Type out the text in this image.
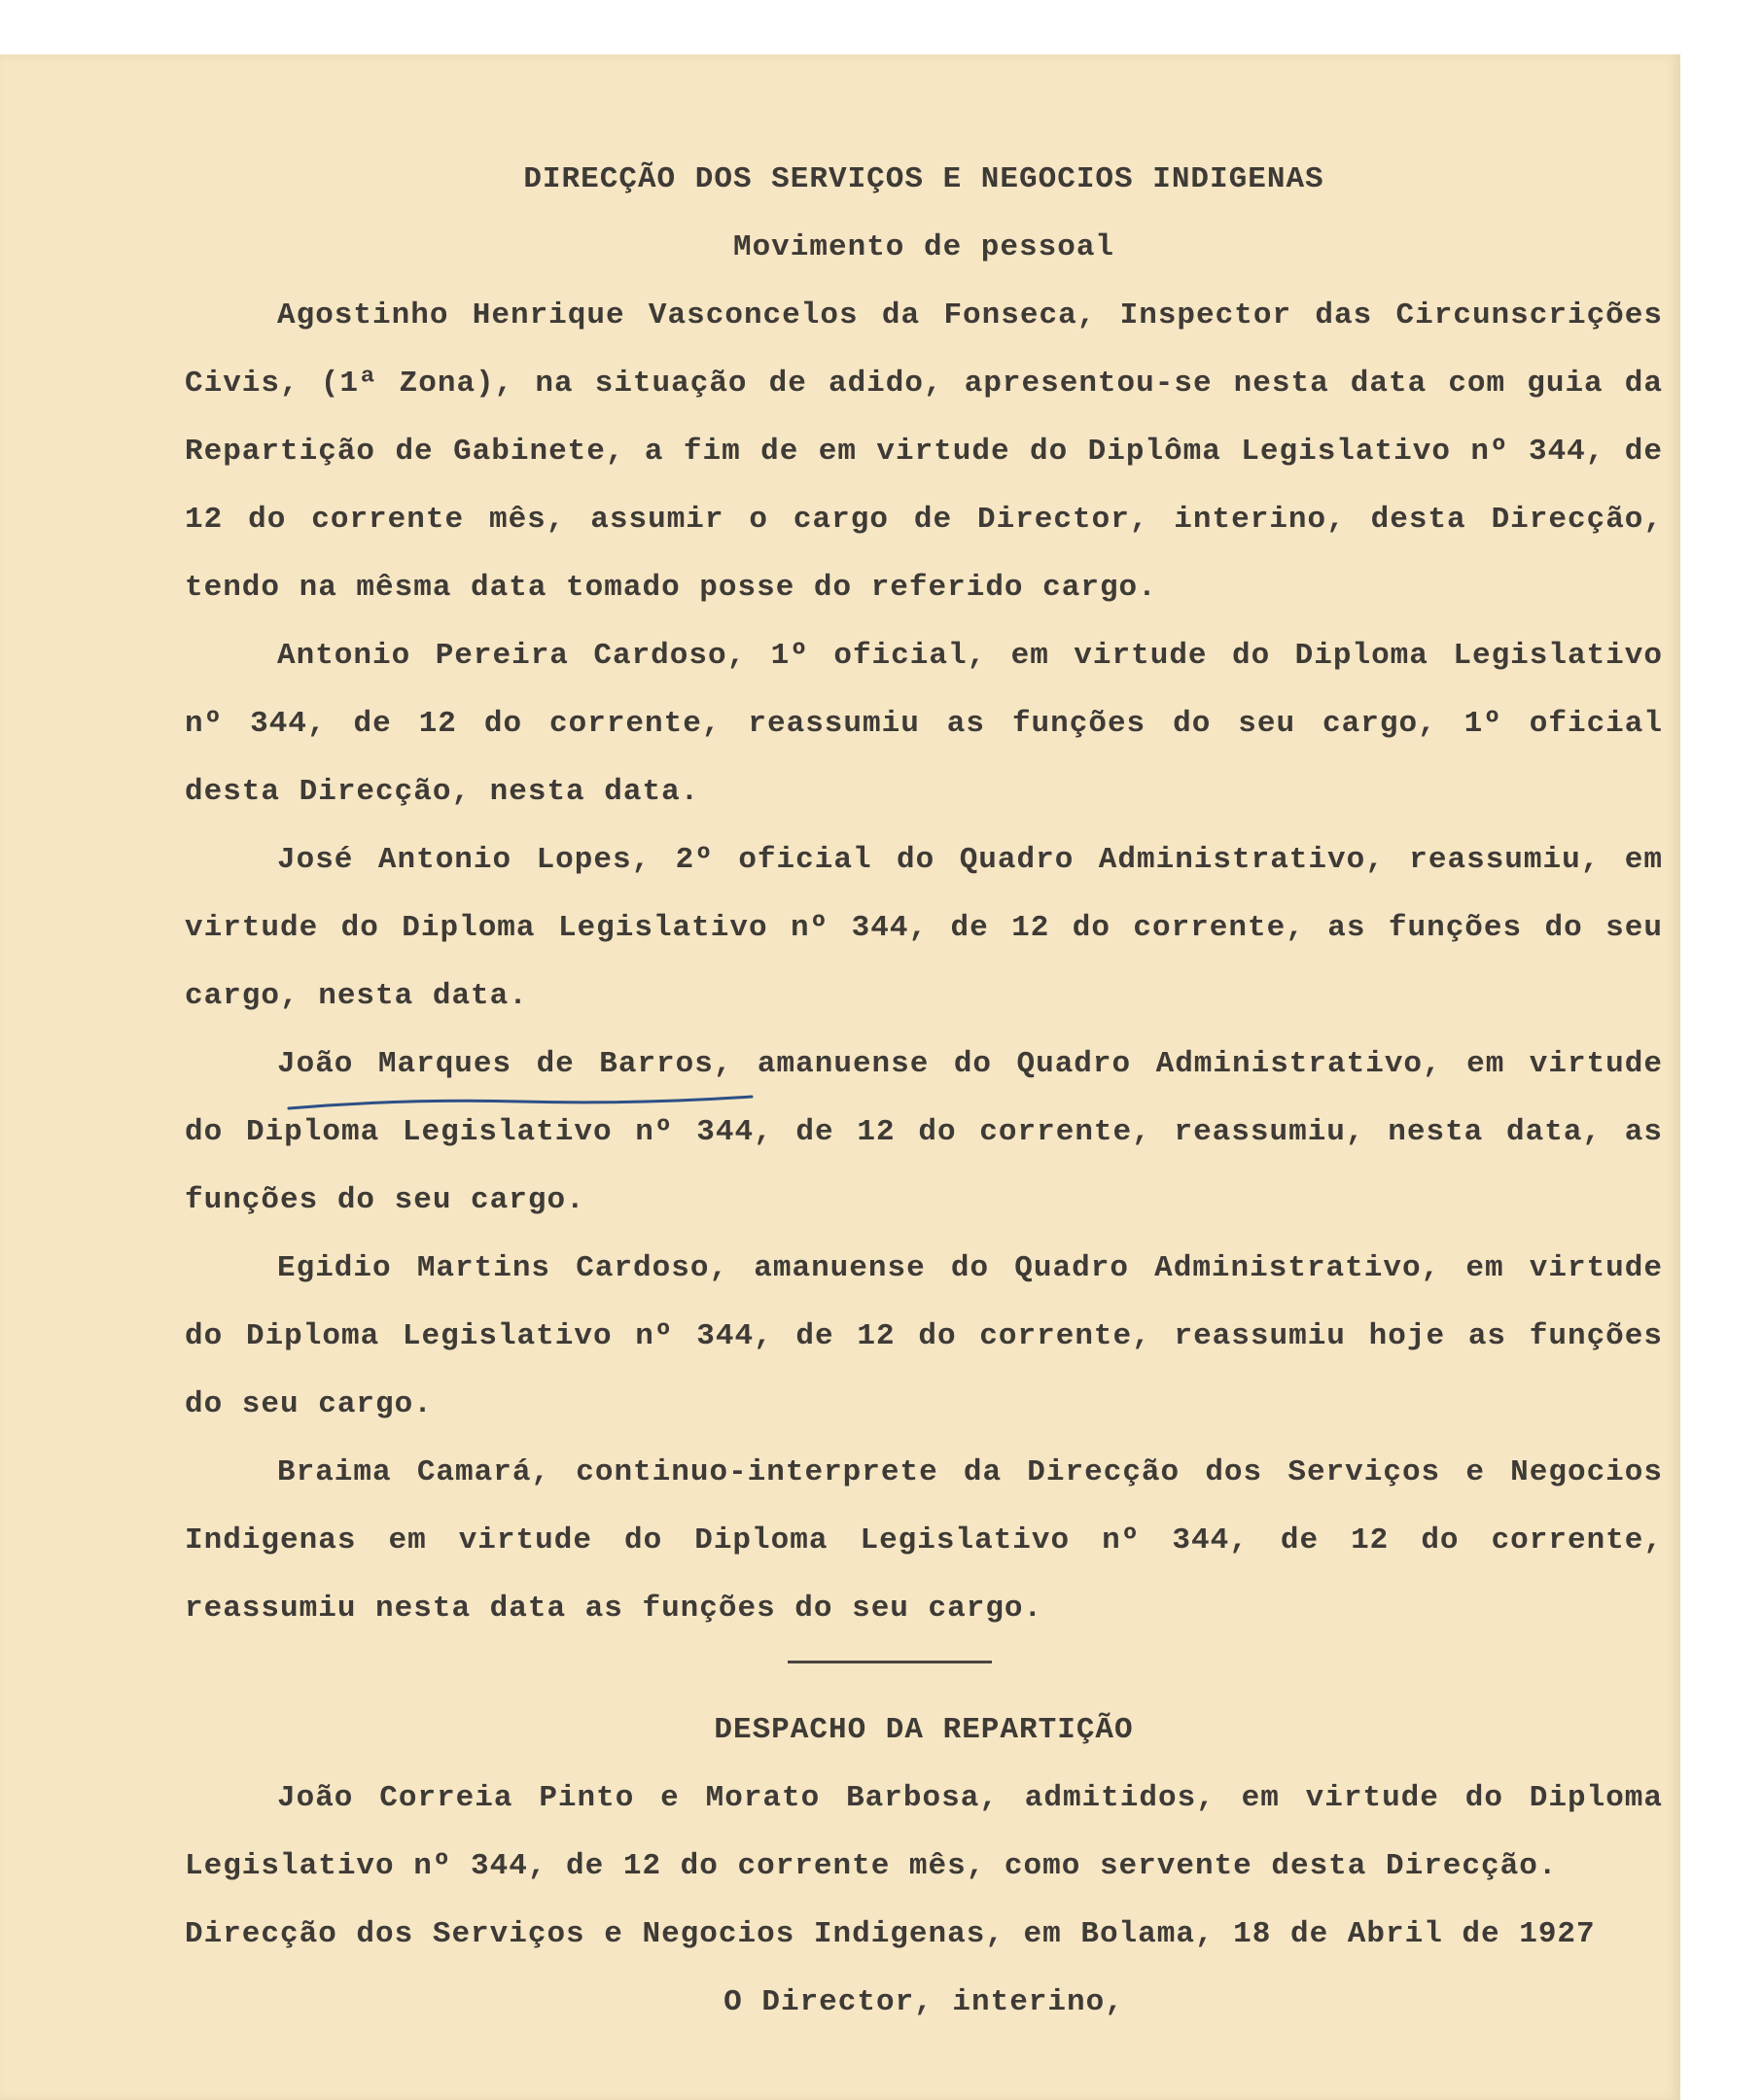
DIRECÇÃO DOS SERVIÇOS E NEGOCIOS INDIGENAS
Movimento de pessoal

Agostinho Henrique Vasconcelos da Fonseca, Inspector das Circunscrições Civis, (1ª Zona), na situação de adido, apresentou-se nesta data com guia da Repartição de Gabinete, a fim de em virtude do Diplôma Legislativo nº 344, de 12 do corrente mês, assumir o cargo de Director, interino, desta Direcção, tendo na mêsma data tomado posse do referido cargo.

Antonio Pereira Cardoso, 1º oficial, em virtude do Diploma Legislativo nº 344, de 12 do corrente, reassumiu as funções do seu cargo, 1º oficial desta Direcção, nesta data.

José Antonio Lopes, 2º oficial do Quadro Administrativo, reassumiu, em virtude do Diploma Legislativo nº 344, de 12 do corrente, as funções do seu cargo, nesta data.

João Marques de Barros, amanuense do Quadro Administrativo, em virtude do Diploma Legislativo nº 344, de 12 do corrente, reassumiu, nesta data, as funções do seu cargo.

Egidio Martins Cardoso, amanuense do Quadro Administrativo, em virtude do Diploma Legislativo nº 344, de 12 do corrente, reassumiu hoje as funções do seu cargo.

Braima Camará, continuo-interprete da Direcção dos Serviços e Negocios Indigenas em virtude do Diploma Legislativo nº 344, de 12 do corrente, reassumiu nesta data as funções do seu cargo.

DESPACHO DA REPARTIÇÃO

João Correia Pinto e Morato Barbosa, admitidos, em virtude do Diploma Legislativo nº 344, de 12 do corrente mês, como servente desta Direcção.

Direcção dos Serviços e Negocios Indigenas, em Bolama, 18 de Abril de 1927

O Director, interino,
